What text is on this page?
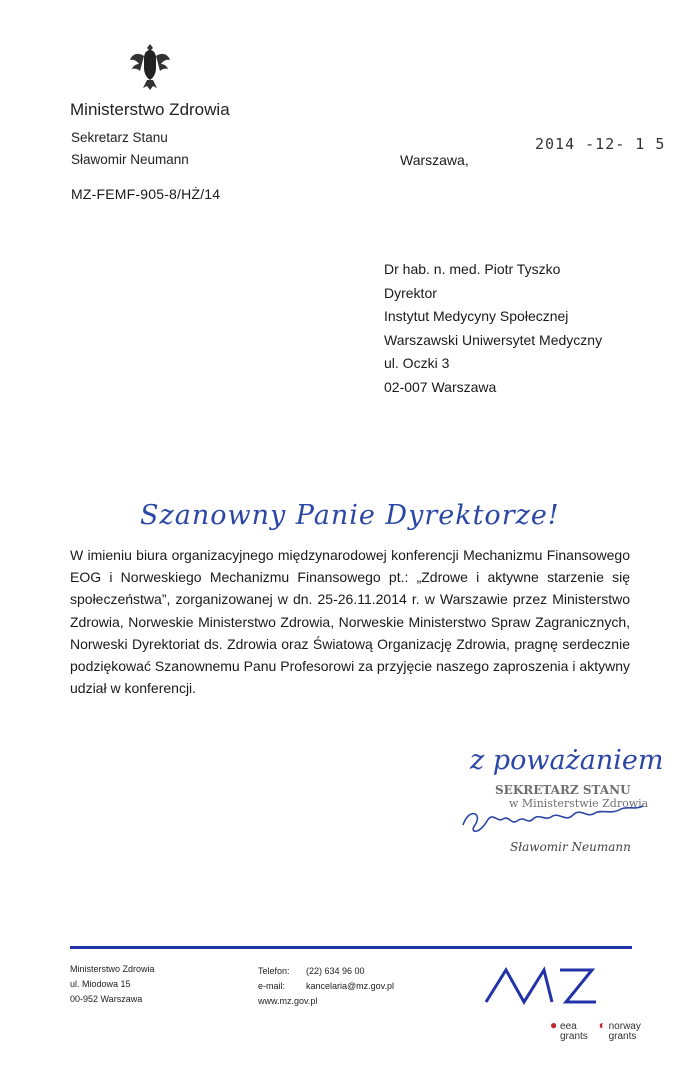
Ministerstwo Zdrowia
Sekretarz Stanu
Sławomir Neumann
MZ-FEMF-905-8/HŻ/14
Warszawa,
2014 -12- 1 5
Dr hab. n. med. Piotr Tyszko
Dyrektor
Instytut Medycyny Społecznej
Warszawski Uniwersytet Medyczny
ul. Oczki 3
02-007 Warszawa
Szanowny Panie Dyrektorze!
W imieniu biura organizacyjnego międzynarodowej konferencji Mechanizmu Finansowego EOG i Norweskiego Mechanizmu Finansowego pt.: „Zdrowe i aktywne starzenie się społeczeństwa”, zorganizowanej w dn. 25-26.11.2014 r. w Warszawie przez Ministerstwo Zdrowia, Norweskie Ministerstwo Zdrowia, Norweskie Ministerstwo Spraw Zagranicznych, Norweski Dyrektoriat ds. Zdrowia oraz Światową Organizację Zdrowia, pragnę serdecznie podziękować Szanownemu Panu Profesorowi za przyjęcie naszego zaproszenia i aktywny udział w konferencji.
z poważaniem
SEKRETARZ STANU
w Ministerstwie Zdrowia
Sławomir Neumann
Ministerstwo Zdrowia
ul. Miodowa 15
00-952 Warszawa
Telefon: (22) 634 96 00
e-mail: kancelaria@mz.gov.pl
www.mz.gov.pl
● eea
grants ◐ norway
grants
